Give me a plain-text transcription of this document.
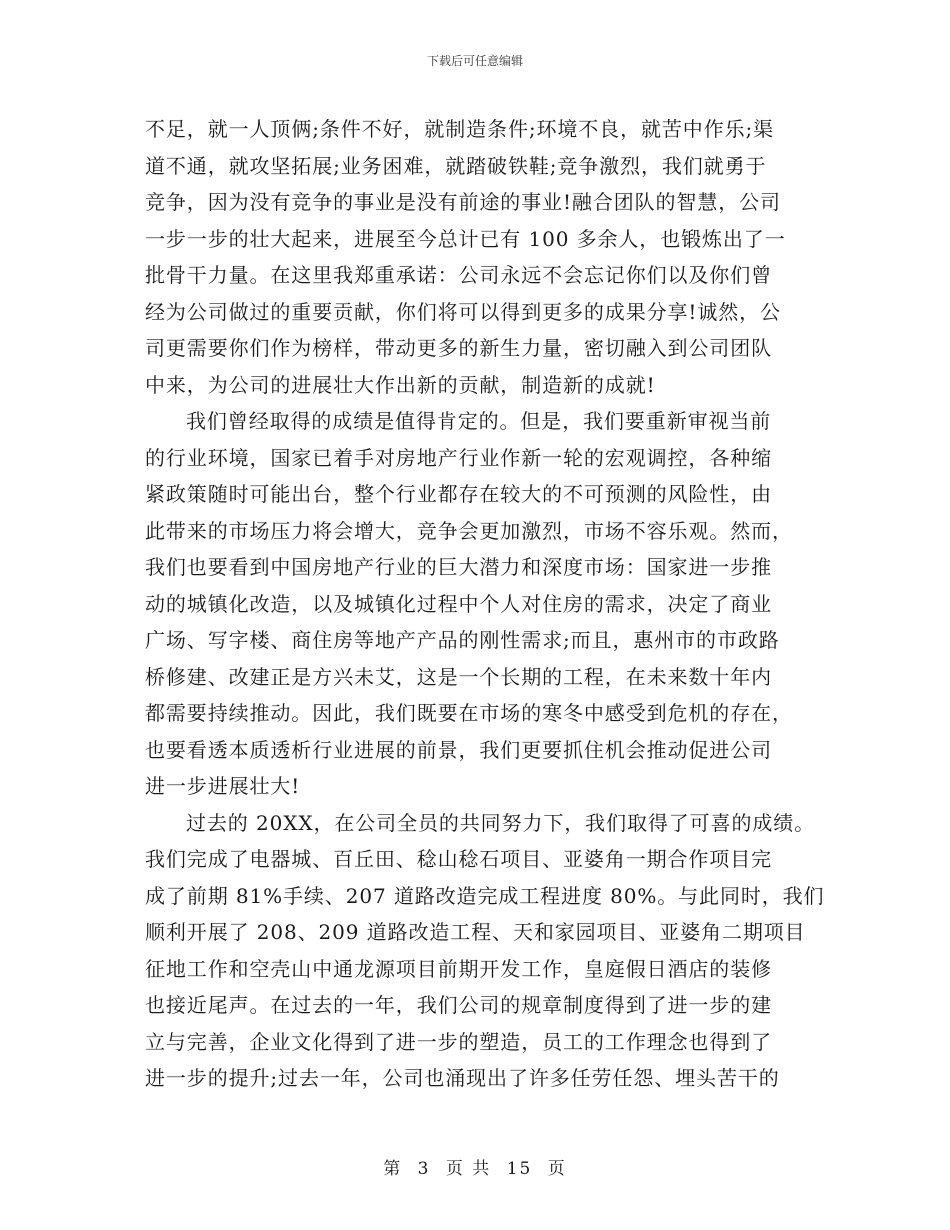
下载后可任意编辑
不足，就一人顶俩;条件不好，就制造条件;环境不良，就苦中作乐;渠
道不通，就攻坚拓展;业务困难，就踏破铁鞋;竞争激烈，我们就勇于
竞争，因为没有竞争的事业是没有前途的事业!融合团队的智慧，公司
一步一步的壮大起来，进展至今总计已有 100 多余人，也锻炼出了一
批骨干力量。在这里我郑重承诺：公司永远不会忘记你们以及你们曾
经为公司做过的重要贡献，你们将可以得到更多的成果分享!诚然，公
司更需要你们作为榜样，带动更多的新生力量，密切融入到公司团队
中来，为公司的进展壮大作出新的贡献，制造新的成就!
我们曾经取得的成绩是值得肯定的。但是，我们要重新审视当前
的行业环境，国家已着手对房地产行业作新一轮的宏观调控，各种缩
紧政策随时可能出台，整个行业都存在较大的不可预测的风险性，由
此带来的市场压力将会增大，竞争会更加激烈，市场不容乐观。然而，
我们也要看到中国房地产行业的巨大潜力和深度市场：国家进一步推
动的城镇化改造，以及城镇化过程中个人对住房的需求，决定了商业
广场、写字楼、商住房等地产产品的刚性需求;而且，惠州市的市政路
桥修建、改建正是方兴未艾，这是一个长期的工程，在未来数十年内
都需要持续推动。因此，我们既要在市场的寒冬中感受到危机的存在，
也要看透本质透析行业进展的前景，我们更要抓住机会推动促进公司
进一步进展壮大!
过去的 20XX，在公司全员的共同努力下，我们取得了可喜的成绩。
我们完成了电器城、百丘田、稔山稔石项目、亚婆角一期合作项目完
成了前期 81%手续、207 道路改造完成工程进度 80%。与此同时，我们
顺利开展了 208、209 道路改造工程、天和家园项目、亚婆角二期项目
征地工作和空壳山中通龙源项目前期开发工作，皇庭假日酒店的装修
也接近尾声。在过去的一年，我们公司的规章制度得到了进一步的建
立与完善，企业文化得到了进一步的塑造，员工的工作理念也得到了
进一步的提升;过去一年，公司也涌现出了许多任劳任怨、埋头苦干的
第 3 页 共 15 页
